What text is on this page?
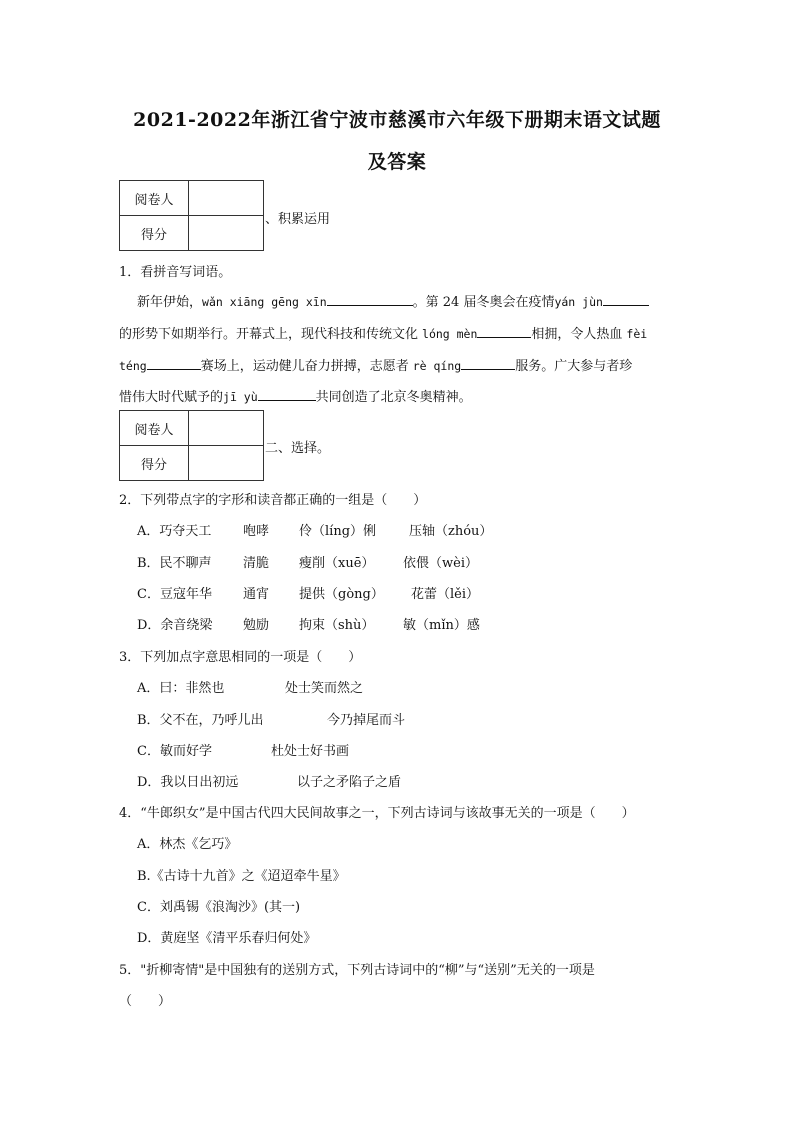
2021-2022年浙江省宁波市慈溪市六年级下册期末语文试题
及答案
阅卷人	
得分	
、积累运用
1．看拼音写词语。
新年伊始，wǎn xiāng gēng xīn	。第 24 届冬奥会在疫情yán jùn
的形势下如期举行。开幕式上，现代科技和传统文化 lóng mèn	相拥，令人热血 fèi
téng	赛场上，运动健儿奋力拼搏，志愿者 rè qíng	服务。广大参与者珍
惜伟大时代赋予的jī yù	共同创造了北京冬奥精神。
阅卷人	
得分	
二、选择。
2．下列带点字的字形和读音都正确的一组是（　　）
A．巧夺天工 咆哮 伶（líng）俐	压轴（zhóu）
B．民不聊声 清脆 瘦削（xuē） 依偎（wèi）
C．豆寇年华 通宵 提供（gòng） 花蕾（lěi）
D．余音绕梁 勉励 拘束（shù） 敏（mǐn）感
3．下列加点字意思相同的一项是（　　）
A．曰：非然也	处士笑而然之
B．父不在，乃呼儿出	今乃掉尾而斗
C．敏而好学	杜处士好书画
D．我以日出初远	以子之矛陷子之盾
4．“牛郎织女”是中国古代四大民间故事之一，下列古诗词与该故事无关的一项是（　　）
A．林杰《乞巧》
B.《古诗十九首》之《迢迢牵牛星》
C．刘禹锡《浪淘沙》(其一)
D．黄庭坚《清平乐春归何处》
5．"折柳寄情"是中国独有的送别方式，下列古诗词中的“柳”与“送别”无关的一项是
（　　）
